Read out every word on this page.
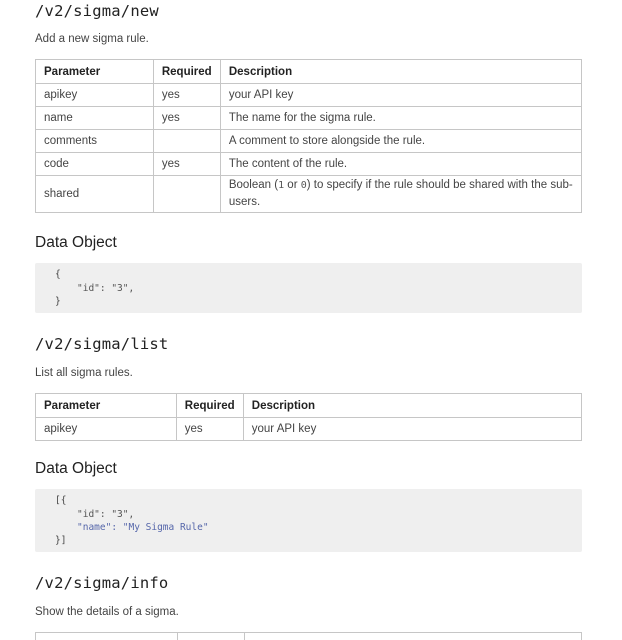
/v2/sigma/new
Add a new sigma rule.
Parameter	Required	Description
apikey	yes	your API key
name	yes	The name for the sigma rule.
comments		A comment to store alongside the rule.
code	yes	The content of the rule.
shared		Boolean (1 or 0) to specify if the rule should be shared with the sub-users.
Data Object
{
"id": "3",
}
/v2/sigma/list
List all sigma rules.
Parameter	Required	Description
apikey	yes	your API key
Data Object
[{
"id": "3",
"name": "My Sigma Rule"
}]
/v2/sigma/info
Show the details of a sigma.
